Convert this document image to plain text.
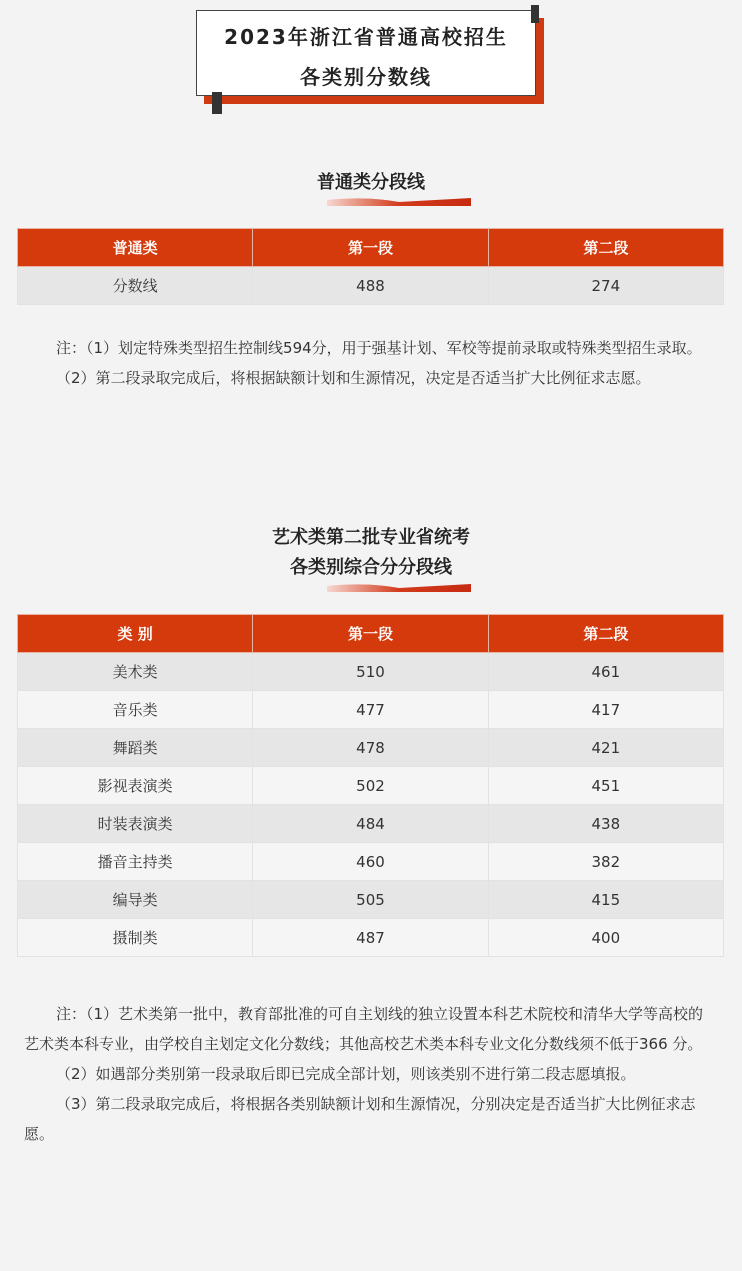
2023年浙江省普通高校招生
各类别分数线
普通类分段线
普通类	第一段	第二段
分数线	488	274

注：（1）划定特殊类型招生控制线594分，用于强基计划、军校等提前录取或特殊类型招生录取。

（2）第二段录取完成后，将根据缺额计划和生源情况，决定是否适当扩大比例征求志愿。

艺术类第二批专业省统考
各类别综合分分段线
类 别	第一段	第二段
美术类	510	461
音乐类	477	417
舞蹈类	478	421
影视表演类	502	451
时装表演类	484	438
播音主持类	460	382
编导类	505	415
摄制类	487	400

注：（1）艺术类第一批中，教育部批准的可自主划线的独立设置本科艺术院校和清华大学等高校的艺术类本科专业，由学校自主划定文化分数线；其他高校艺术类本科专业文化分数线须不低于366 分。

（2）如遇部分类别第一段录取后即已完成全部计划，则该类别不进行第二段志愿填报。

（3）第二段录取完成后，将根据各类别缺额计划和生源情况，分别决定是否适当扩大比例征求志愿。
